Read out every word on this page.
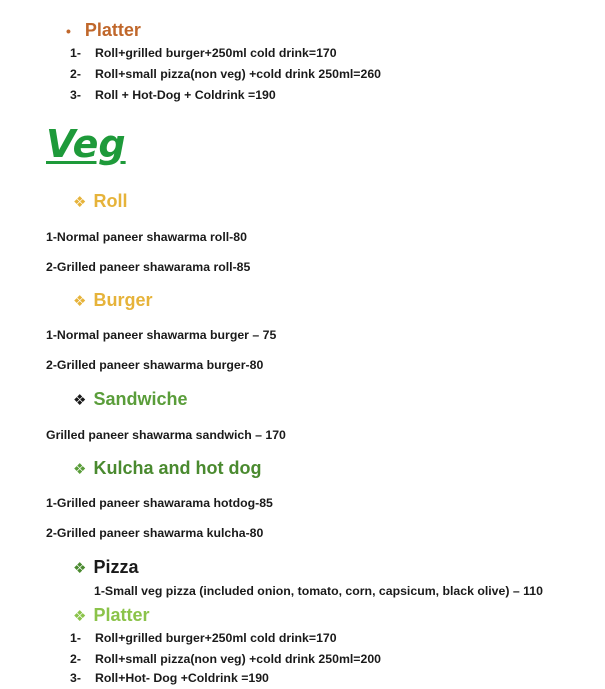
• Platter
1- Roll+grilled burger+250ml cold drink=170
2- Roll+small pizza(non veg) +cold drink 250ml=260
3- Roll + Hot-Dog + Coldrink =190
Veg
❖ Roll
1-Normal paneer shawarma roll-80
2-Grilled paneer shawarama roll-85
❖ Burger
1-Normal paneer shawarma burger – 75
2-Grilled paneer shawarma burger-80
❖ Sandwiche
Grilled paneer shawarma sandwich – 170
❖ Kulcha and hot dog
1-Grilled paneer shawarama hotdog-85
2-Grilled paneer shawarma kulcha-80
❖ Pizza
1-Small veg pizza (included onion, tomato, corn, capsicum, black olive) – 110
❖ Platter
1- Roll+grilled burger+250ml cold drink=170
2- Roll+small pizza(non veg) +cold drink 250ml=200
3- Roll+Hot- Dog +Coldrink =190
